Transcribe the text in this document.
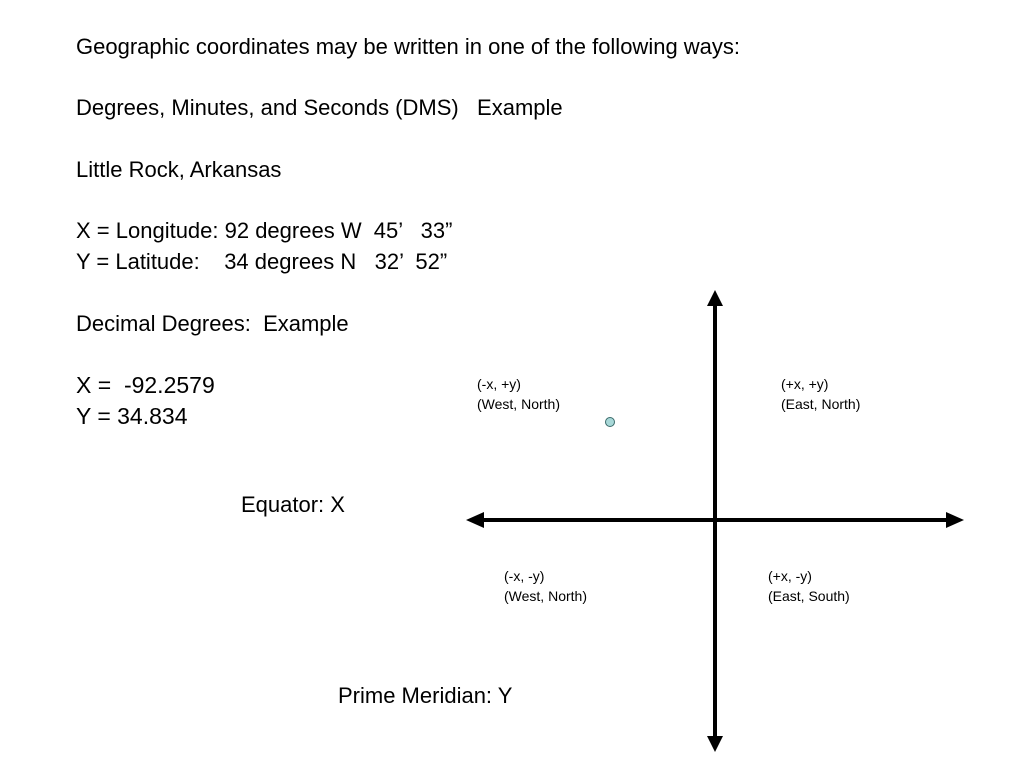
Geographic coordinates may be written in one of the following ways:
Degrees, Minutes, and Seconds (DMS)   Example
Little Rock, Arkansas
X = Longitude: 92 degrees W  45’   33”
Y = Latitude:    34 degrees N   32’  52”
Decimal Degrees:  Example
X =  -92.2579
Y = 34.834
Equator: X
Prime Meridian: Y
(-x, +y)
(West, North)
(+x, +y)
(East, North)
(-x, -y)
(West, North)
(+x, -y)
(East, South)
